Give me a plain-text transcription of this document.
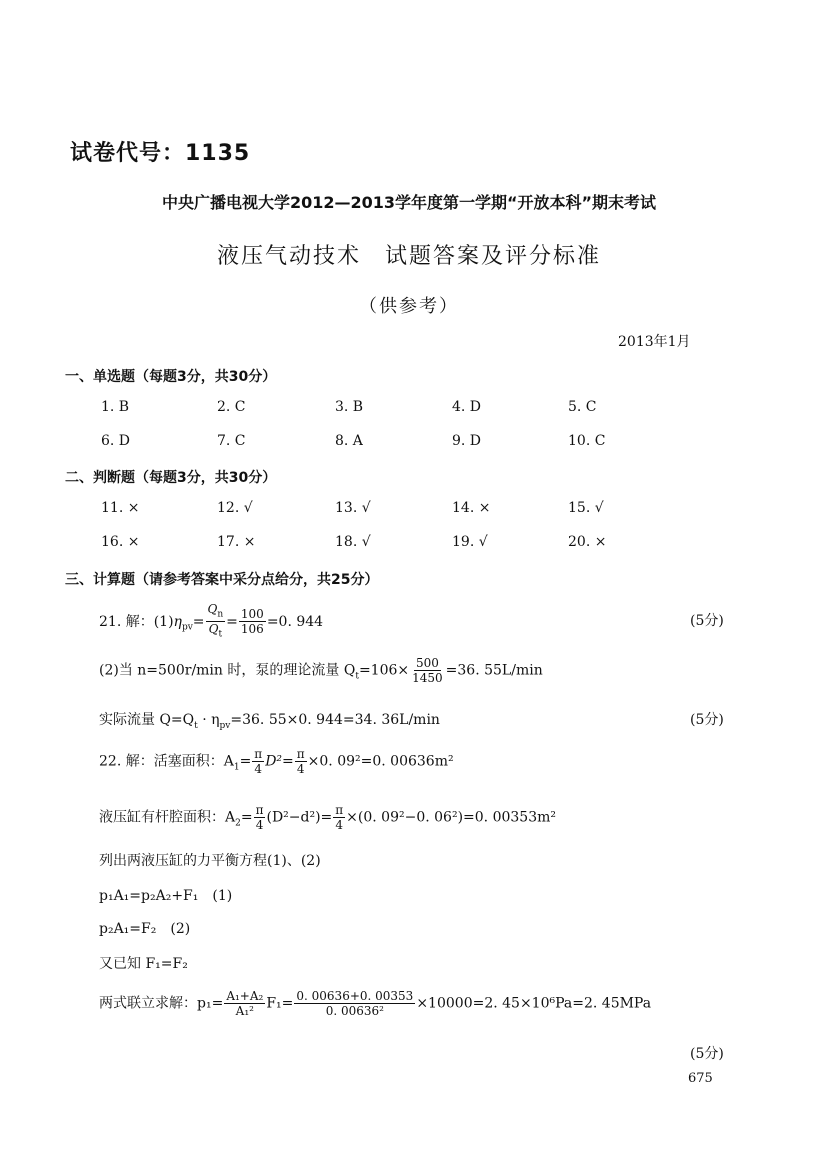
试卷代号：1135
中央广播电视大学2012—2013学年度第一学期“开放本科”期末考试
液压气动技术　试题答案及评分标准
（供参考）
2013年1月
一、单选题（每题3分，共30分）
1. B	2. C	3. B	4. D	5. C
6. D	7. C	8. A	9. D	10. C
二、判断题（每题3分，共30分）
11. ×	12. √	13. √	14. ×	15. √
16. ×	17. ×	18. √	19. √	20. ×
三、计算题（请参考答案中采分点给分，共25分）
21. 解：$(1)\eta_{pv}= \frac{Q_n}{Q_t} = \frac{100}{106} =0$. 944	(5分)
(2)当 n=500r/min 时，泵的理论流量 $Q_t=106\times \frac{500}{1450} =36$. 55L/min
实际流量 $Q=Q_t \cdot \eta_{pv}=36$. 55×0. 944=34. 36L/min	(5分)
22. 解：活塞面积：$A_1= \frac{\pi}{4} D^2= \frac{\pi}{4} \times 0$. 09²=0. 00636m²
液压缸有杆腔面积：$A_2= \frac{\pi}{4} (D^2-d^2)= \frac{\pi}{4} \times(0$. 09²−0. 06²)=0. 00353m²
列出两液压缸的力平衡方程(1)、(2)
p₁A₁=p₂A₂+F₁　(1)
p₂A₁=F₂　(2)
又已知 F₁=F₂
两式联立求解：$p_1= \frac{\text{A₁+A₂}}{\text{A₁²}} F_1= \frac{0. 00636+0. 00353}{\text{0. 00636²}} \times 10000=2$. 45×10⁶Pa=2. 45MPa
(5分)
675
